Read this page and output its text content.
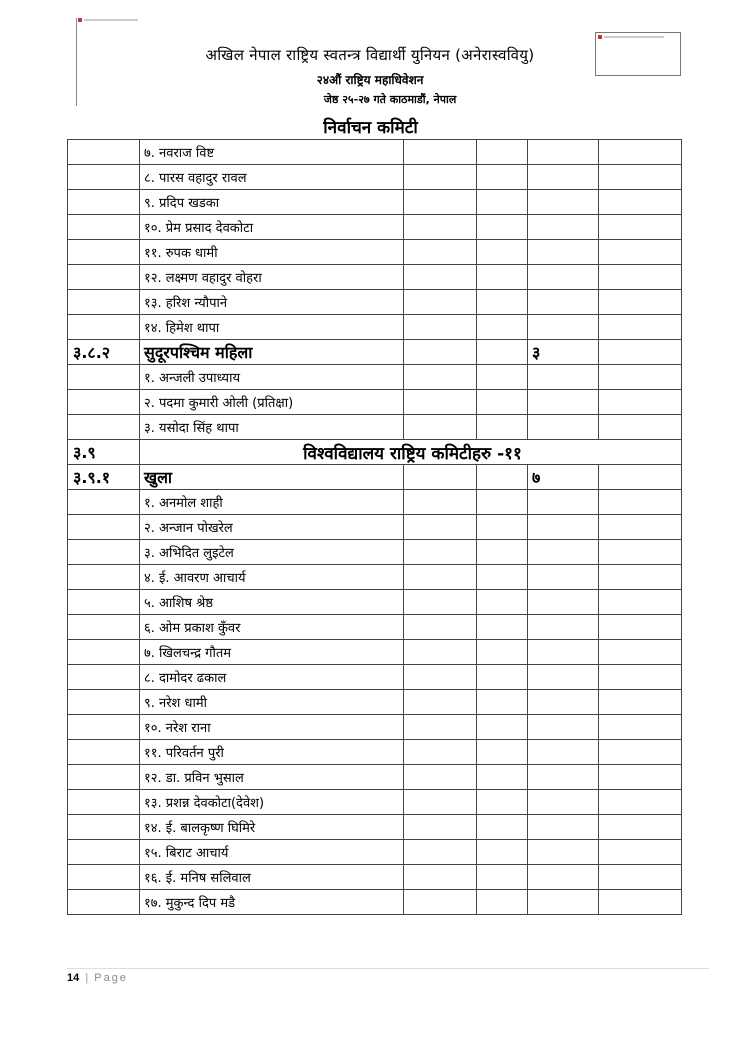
अखिल नेपाल राष्ट्रिय स्वतन्त्र विद्यार्थी युनियन (अनेरास्ववियु)
२४औं राष्ट्रिय महाधिवेशन
जेष्ठ २५-२७ गते काठमाडौं, नेपाल
निर्वाचन कमिटी
	७. नवराज विष्ट				
	८. पारस वहादुर रावल				
	९. प्रदिप खडका				
	१०. प्रेम प्रसाद देवकोटा				
	११. रुपक धामी				
	१२. लक्ष्मण वहादुर वोहरा				
	१३. हरिश न्यौपाने				
	१४. हिमेश थापा				
३.८.२	सुदूरपश्चिम महिला			३	
	१. अन्जली उपाध्याय				
	२. पदमा कुमारी ओली (प्रतिक्षा)				
	३. यसोदा सिंह थापा				
३.९	विश्वविद्यालय राष्ट्रिय कमिटीहरु -११				
३.९.१	खुला			७	
	१. अनमोल शाही				
	२. अन्जान पोखरेल				
	३. अभिदित लुइटेल				
	४. ई. आवरण आचार्य				
	५. आशिष श्रेष्ठ				
	६. ओम प्रकाश कुँवर				
	७. खिलचन्द्र गौतम				
	८. दामोदर ढकाल				
	९. नरेश धामी				
	१०. नरेश राना				
	११. परिवर्तन पुरी				
	१२. डा. प्रविन भुसाल				
	१३. प्रशन्न देवकोटा(देवेश)				
	१४. ई. बालकृष्ण घिमिरे				
	१५. बिराट आचार्य				
	१६. ई. मनिष सलिवाल				
	१७. मुकुन्द दिप मडै				
14 | Page
